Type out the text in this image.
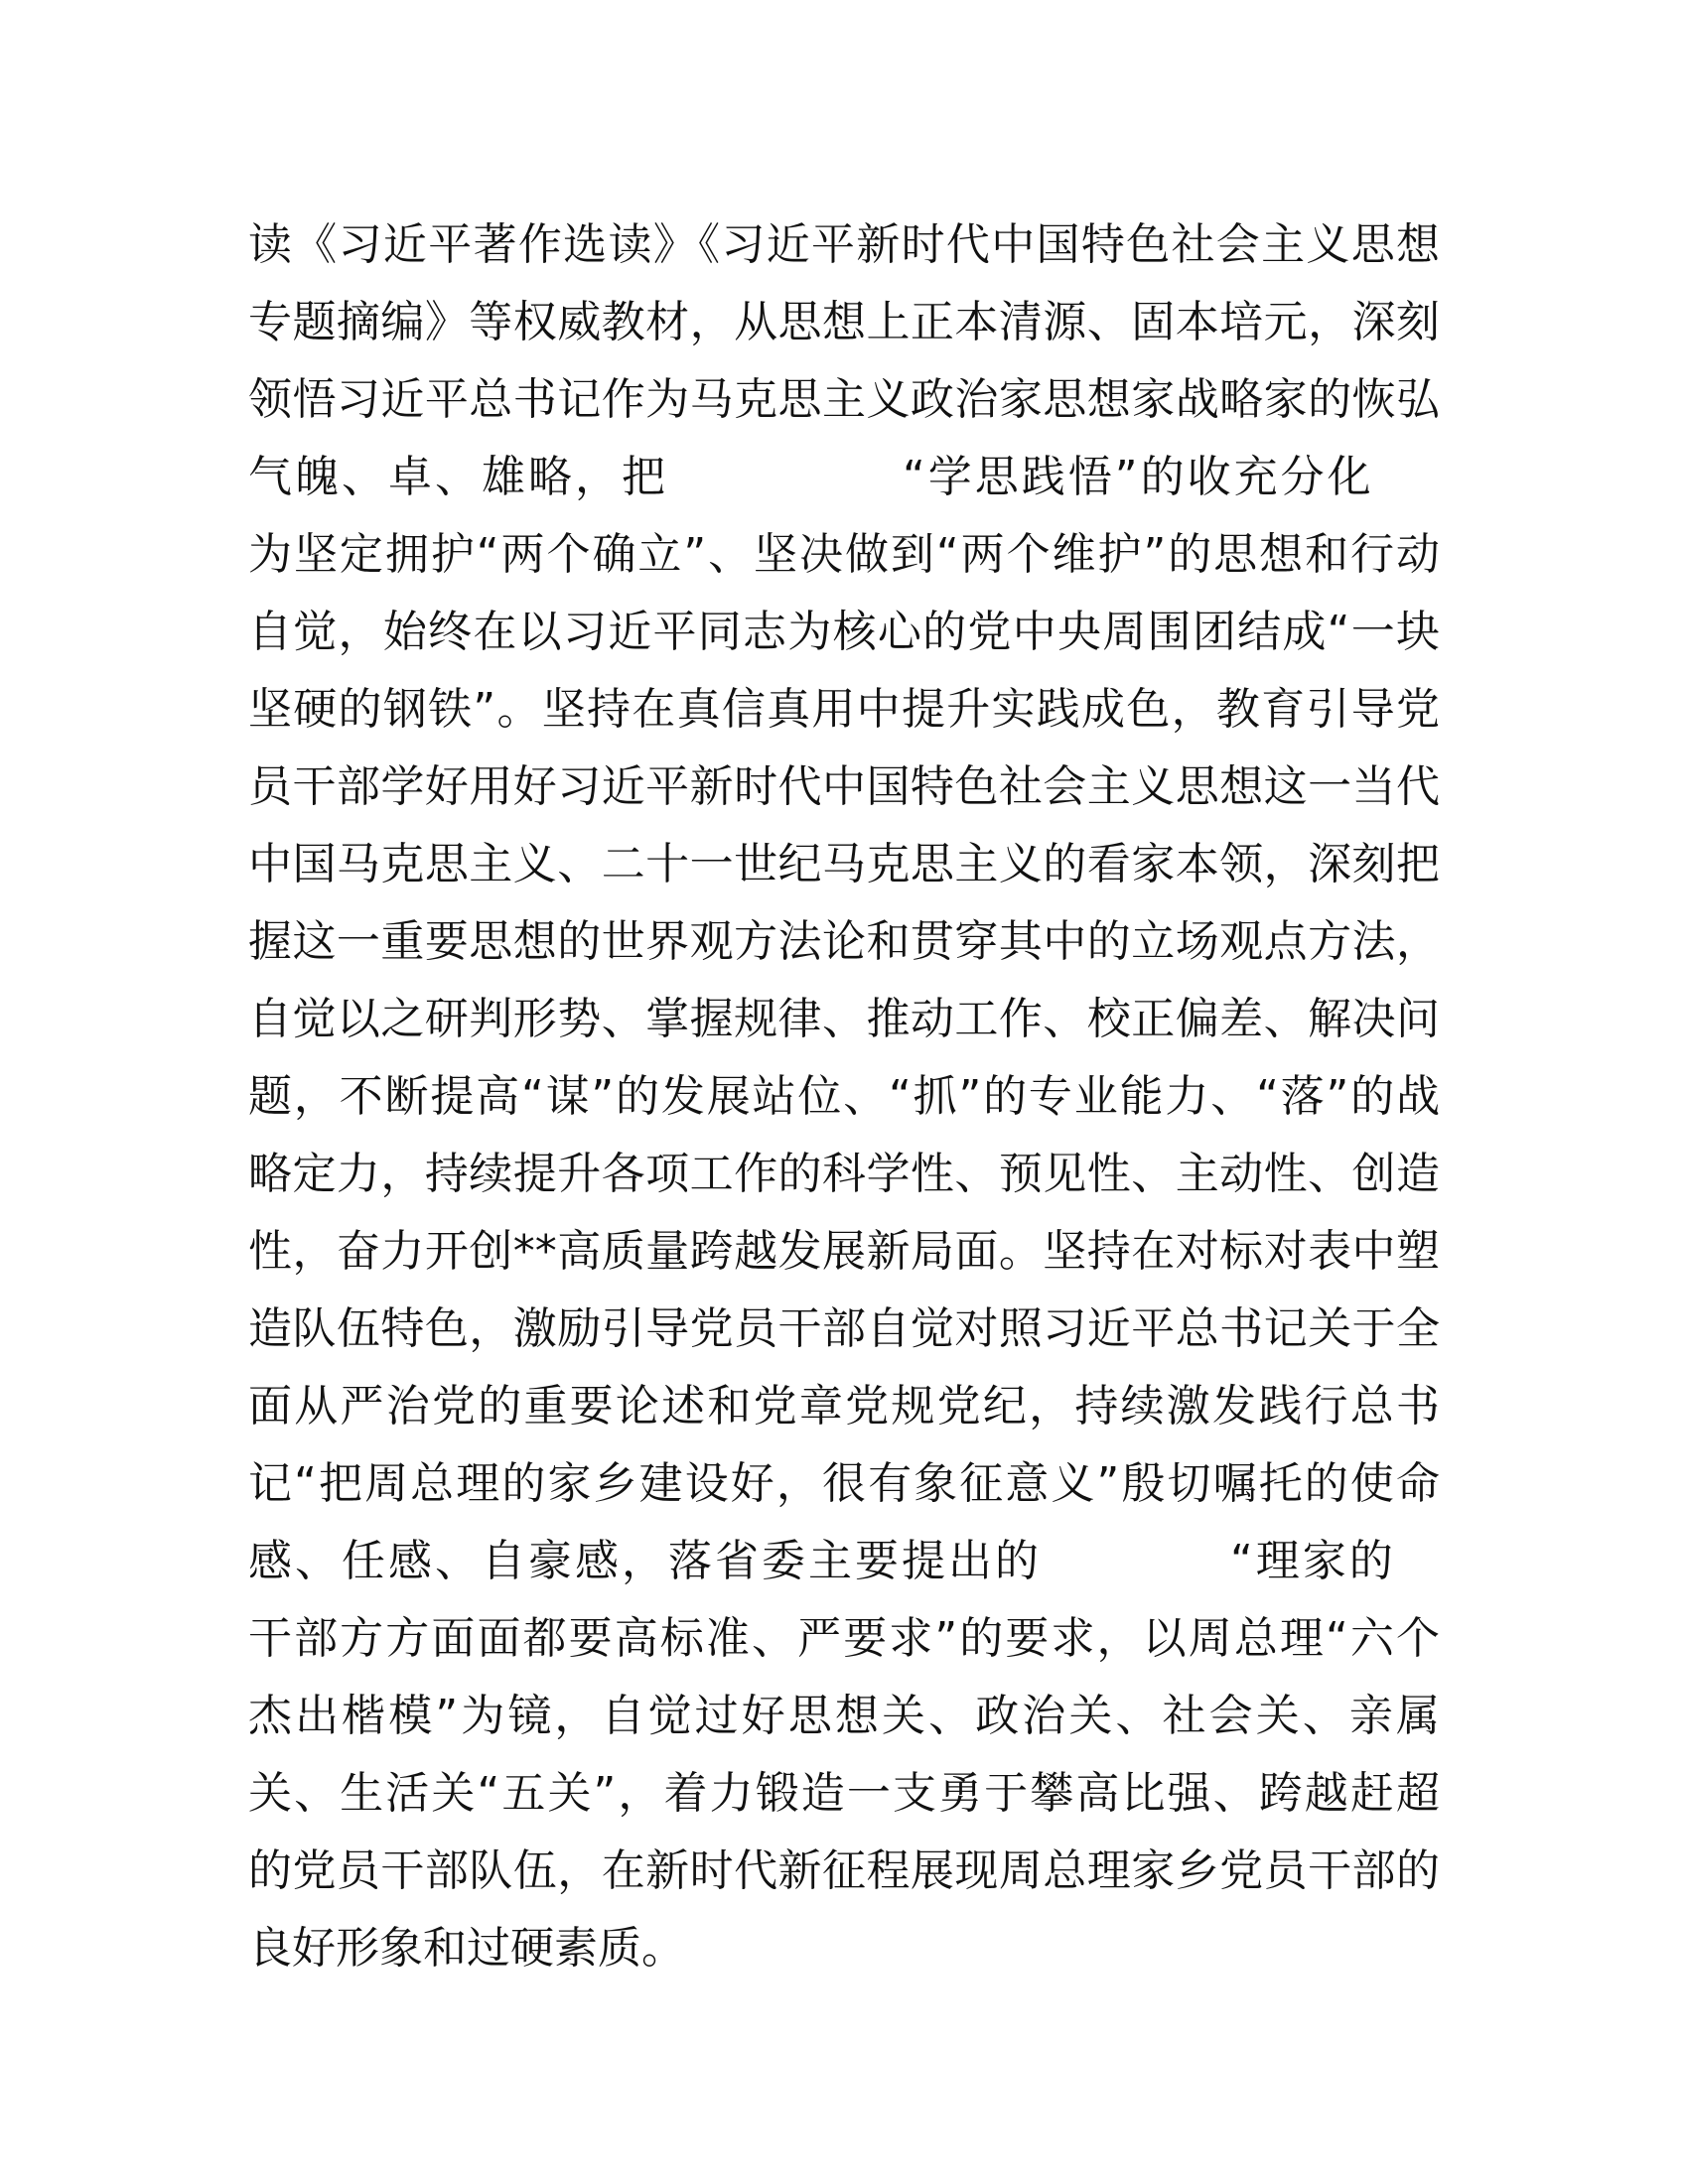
读《习近平著作选读》《习近平新时代中国特色社会主义思想
专题摘编》等权威教材，从思想上正本清源、固本培元，深刻
领悟习近平总书记作为马克思主义政治家思想家战略家的恢弘
气魄、卓、雄略，把	“学思践悟”的收充分化
为坚定拥护“两个确立”、坚决做到“两个维护”的思想和行动
自觉，始终在以习近平同志为核心的党中央周围团结成“一块
坚硬的钢铁”。坚持在真信真用中提升实践成色，教育引导党
员干部学好用好习近平新时代中国特色社会主义思想这一当代
中国马克思主义、二十一世纪马克思主义的看家本领，深刻把
握这一重要思想的世界观方法论和贯穿其中的立场观点方法，
自觉以之研判形势、掌握规律、推动工作、校正偏差、解决问
题，不断提高“谋”的发展站位、“抓”的专业能力、“落”的战
略定力，持续提升各项工作的科学性、预见性、主动性、创造
性，奋力开创**高质量跨越发展新局面。坚持在对标对表中塑
造队伍特色，激励引导党员干部自觉对照习近平总书记关于全
面从严治党的重要论述和党章党规党纪，持续激发践行总书
记“把周总理的家乡建设好，很有象征意义”殷切嘱托的使命
感、任感、自豪感，落省委主要提出的	“理家的
干部方方面面都要高标准、严要求”的要求，以周总理“六个
杰出楷模”为镜，自觉过好思想关、政治关、社会关、亲属
关、生活关“五关”，着力锻造一支勇于攀高比强、跨越赶超
的党员干部队伍，在新时代新征程展现周总理家乡党员干部的
良好形象和过硬素质。
